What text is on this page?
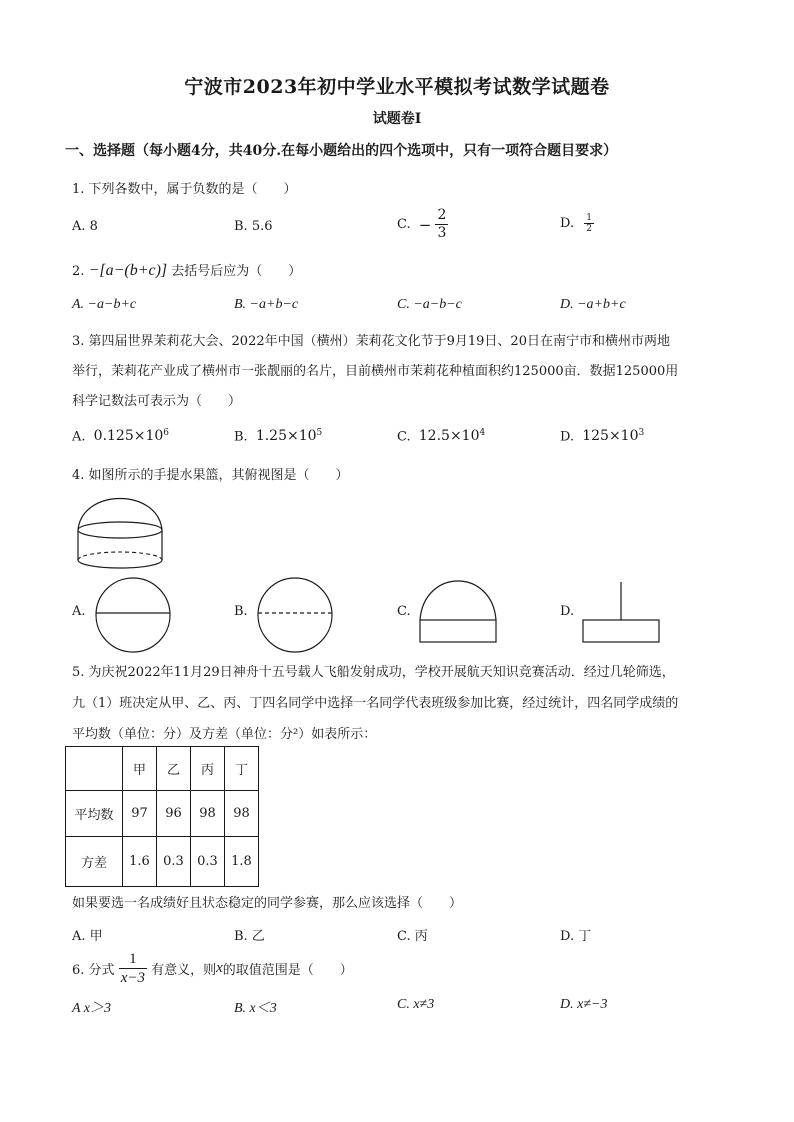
宁波市2023年初中学业水平模拟考试数学试题卷
试题卷Ⅰ
一、选择题（每小题4分，共40分.在每小题给出的四个选项中，只有一项符合题目要求）
1. 下列各数中，属于负数的是（　　）
A. 8	B. 5.6	C. − $\frac{2}{3}$	D. $\frac{1}{2}$
2. −[a−(b+c)] 去括号后应为（　　）
A. −a−b+c	B. −a+b−c	C. −a−b−c	D. −a+b+c
3. 第四届世界茉莉花大会、2022年中国（横州）茉莉花文化节于9月19日、20日在南宁市和横州市两地
举行，茉莉花产业成了横州市一张靓丽的名片，目前横州市茉莉花种植面积约125000亩．数据125000用
科学记数法可表示为（　　）
A. $0.125\times 10^6$	B. $1.25\times 10^5$	C. $12.5\times 10^4$	D. $125\times 10^3$
4. 如图所示的手提水果篮，其俯视图是（　　）
A.	B.	C.	D.
5. 为庆祝2022年11月29日神舟十五号载人飞船发射成功，学校开展航天知识竞赛活动．经过几轮筛选，
九（1）班决定从甲、乙、丙、丁四名同学中选择一名同学代表班级参加比赛，经过统计，四名同学成绩的
平均数（单位：分）及方差（单位：分²）如表所示：
	甲	乙	丙	丁
平均数	97	96	98	98
方差	1.6	0.3	0.3	1.8
如果要选一名成绩好且状态稳定的同学参赛，那么应该选择（　　）
A. 甲	B. 乙	C. 丙	D. 丁
6. 分式 $\frac{1}{x-3}$ 有意义，则x的取值范围是（　　）
A x＞3	B. x＜3	C. x≠3	D. x≠−3
